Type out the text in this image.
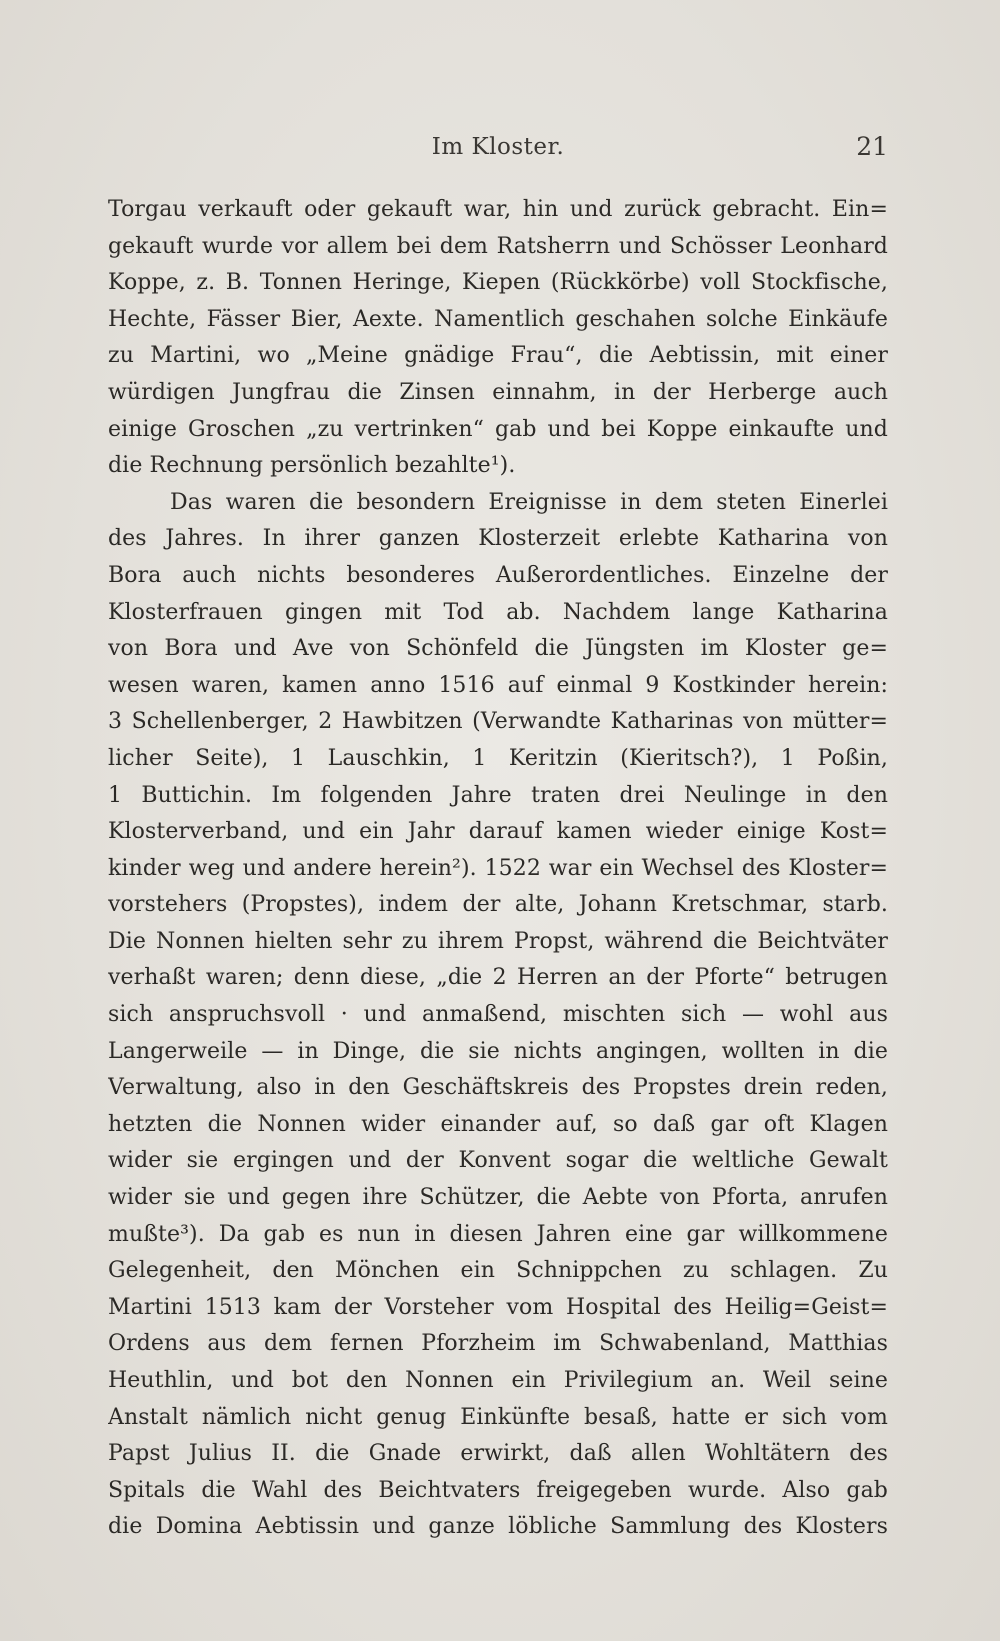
Im Kloster.	21
Torgau verkauft oder gekauft war, hin und zurück gebracht. Ein=
gekauft wurde vor allem bei dem Ratsherrn und Schösser Leonhard
Koppe, z. B. Tonnen Heringe, Kiepen (Rückkörbe) voll Stockfische,
Hechte, Fässer Bier, Aexte. Namentlich geschahen solche Einkäufe
zu Martini, wo „Meine gnädige Frau“, die Aebtissin, mit einer
würdigen Jungfrau die Zinsen einnahm, in der Herberge auch
einige Groschen „zu vertrinken“ gab und bei Koppe einkaufte und
die Rechnung persönlich bezahlte¹).
Das waren die besondern Ereignisse in dem steten Einerlei
des Jahres. In ihrer ganzen Klosterzeit erlebte Katharina von
Bora auch nichts besonderes Außerordentliches. Einzelne der
Klosterfrauen gingen mit Tod ab. Nachdem lange Katharina
von Bora und Ave von Schönfeld die Jüngsten im Kloster ge=
wesen waren, kamen anno 1516 auf einmal 9 Kostkinder herein:
3 Schellenberger, 2 Hawbitzen (Verwandte Katharinas von mütter=
licher Seite), 1 Lauschkin, 1 Keritzin (Kieritsch?), 1 Poßin,
1 Buttichin. Im folgenden Jahre traten drei Neulinge in den
Klosterverband, und ein Jahr darauf kamen wieder einige Kost=
kinder weg und andere herein²). 1522 war ein Wechsel des Kloster=
vorstehers (Propstes), indem der alte, Johann Kretschmar, starb.
Die Nonnen hielten sehr zu ihrem Propst, während die Beichtväter
verhaßt waren; denn diese, „die 2 Herren an der Pforte“ betrugen
sich anspruchsvoll · und anmaßend, mischten sich — wohl aus
Langerweile — in Dinge, die sie nichts angingen, wollten in die
Verwaltung, also in den Geschäftskreis des Propstes drein reden,
hetzten die Nonnen wider einander auf, so daß gar oft Klagen
wider sie ergingen und der Konvent sogar die weltliche Gewalt
wider sie und gegen ihre Schützer, die Aebte von Pforta, anrufen
mußte³). Da gab es nun in diesen Jahren eine gar willkommene
Gelegenheit, den Mönchen ein Schnippchen zu schlagen. Zu
Martini 1513 kam der Vorsteher vom Hospital des Heilig=Geist=
Ordens aus dem fernen Pforzheim im Schwabenland, Matthias
Heuthlin, und bot den Nonnen ein Privilegium an. Weil seine
Anstalt nämlich nicht genug Einkünfte besaß, hatte er sich vom
Papst Julius II. die Gnade erwirkt, daß allen Wohltätern des
Spitals die Wahl des Beichtvaters freigegeben wurde. Also gab
die Domina Aebtissin und ganze löbliche Sammlung des Klosters
